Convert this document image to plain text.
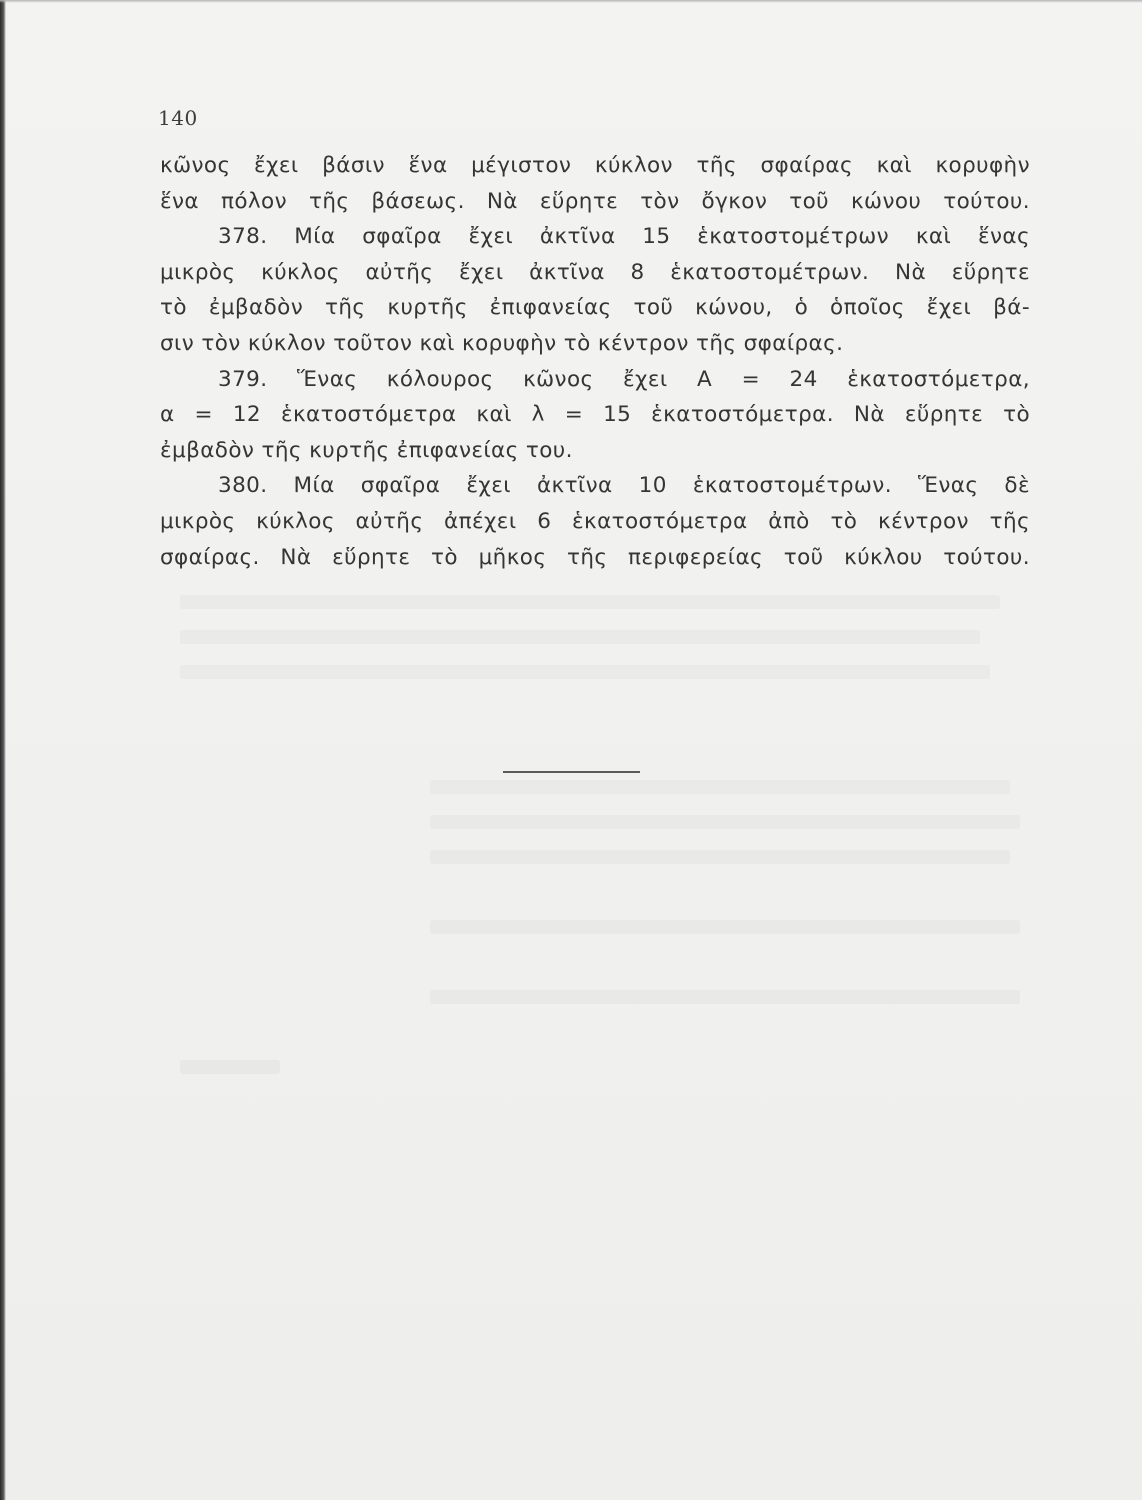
140
κῶνος ἔχει βάσιν ἕνα μέγιστον κύκλον τῆς σφαίρας καὶ κορυφὴν
ἕνα πόλον τῆς βάσεως. Νὰ εὕρητε τὸν ὄγκον τοῦ κώνου τούτου.
378. Μία σφαῖρα ἔχει ἀκτῖνα 15 ἑκατοστομέτρων καὶ ἕνας
μικρὸς κύκλος αὐτῆς ἔχει ἀκτῖνα 8 ἑκατοστομέτρων. Νὰ εὕρητε
τὸ ἐμβαδὸν τῆς κυρτῆς ἐπιφανείας τοῦ κώνου, ὁ ὁποῖος ἔχει βά-
σιν τὸν κύκλον τοῦτον καὶ κορυφὴν τὸ κέντρον τῆς σφαίρας.
379. Ἕνας κόλουρος κῶνος ἔχει Α = 24 ἑκατοστόμετρα,
α = 12 ἑκατοστόμετρα καὶ λ = 15 ἑκατοστόμετρα. Νὰ εὕρητε τὸ
ἐμβαδὸν τῆς κυρτῆς ἐπιφανείας του.
380. Μία σφαῖρα ἔχει ἀκτῖνα 10 ἑκατοστομέτρων. Ἕνας δὲ
μικρὸς κύκλος αὐτῆς ἀπέχει 6 ἑκατοστόμετρα ἀπὸ τὸ κέντρον τῆς
σφαίρας. Νὰ εὕρητε τὸ μῆκος τῆς περιφερείας τοῦ κύκλου τούτου.
